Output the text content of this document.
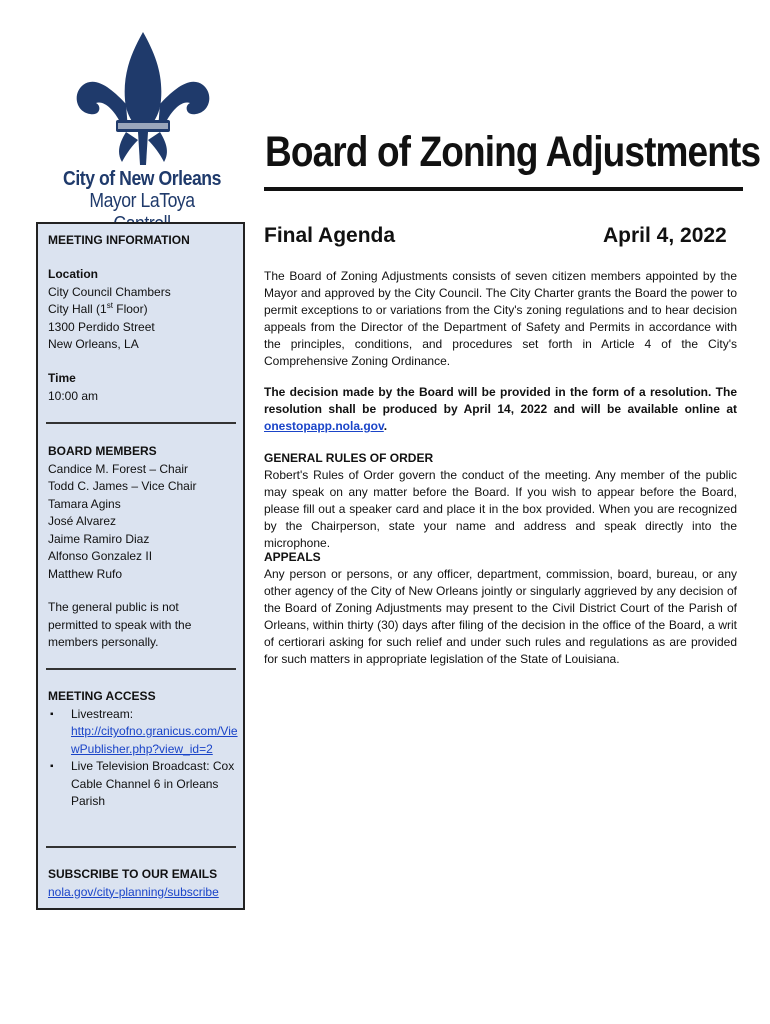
City of New Orleans
Mayor LaToya
Board of Zoning Adjustments
MEETING INFORMATION
Location
City Council Chambers
City Hall (1st Floor)
1300 Perdido Street
New Orleans, LA
Time
10:00 am
BOARD MEMBERS
Candice M. Forest – Chair
Todd C. James – Vice Chair
Tamara Agins
José Alvarez
Jaime Ramiro Diaz
Alfonso Gonzalez II
Matthew Rufo
The general public is not permitted to speak with the members personally.
MEETING ACCESS
▪ Livestream:
http://cityofno.granicus.com/ViewPublisher.php?view_id=2
▪ Live Television Broadcast: Cox Cable Channel 6 in Orleans Parish
SUBSCRIBE TO OUR EMAILS
nola.gov/city-planning/subscribe
Final Agenda	April 4, 2022
The Board of Zoning Adjustments consists of seven citizen members appointed by the Mayor and approved by the City Council. The City Charter grants the Board the power to permit exceptions to or variations from the City's zoning regulations and to hear decision appeals from the Director of the Department of Safety and Permits in accordance with the principles, conditions, and procedures set forth in Article 4 of the City's Comprehensive Zoning Ordinance.
The decision made by the Board will be provided in the form of a resolution. The resolution shall be produced by April 14, 2022 and will be available online at onestopapp.nola.gov.
GENERAL RULES OF ORDER
Robert's Rules of Order govern the conduct of the meeting. Any member of the public may speak on any matter before the Board. If you wish to appear before the Board, please fill out a speaker card and place it in the box provided. When you are recognized by the Chairperson, state your name and address and speak directly into the microphone.
APPEALS
Any person or persons, or any officer, department, commission, board, bureau, or any other agency of the City of New Orleans jointly or singularly aggrieved by any decision of the Board of Zoning Adjustments may present to the Civil District Court of the Parish of Orleans, within thirty (30) days after filing of the decision in the office of the Board, a writ of certiorari asking for such relief and under such rules and regulations as are provided for such matters in appropriate legislation of the State of Louisiana.
